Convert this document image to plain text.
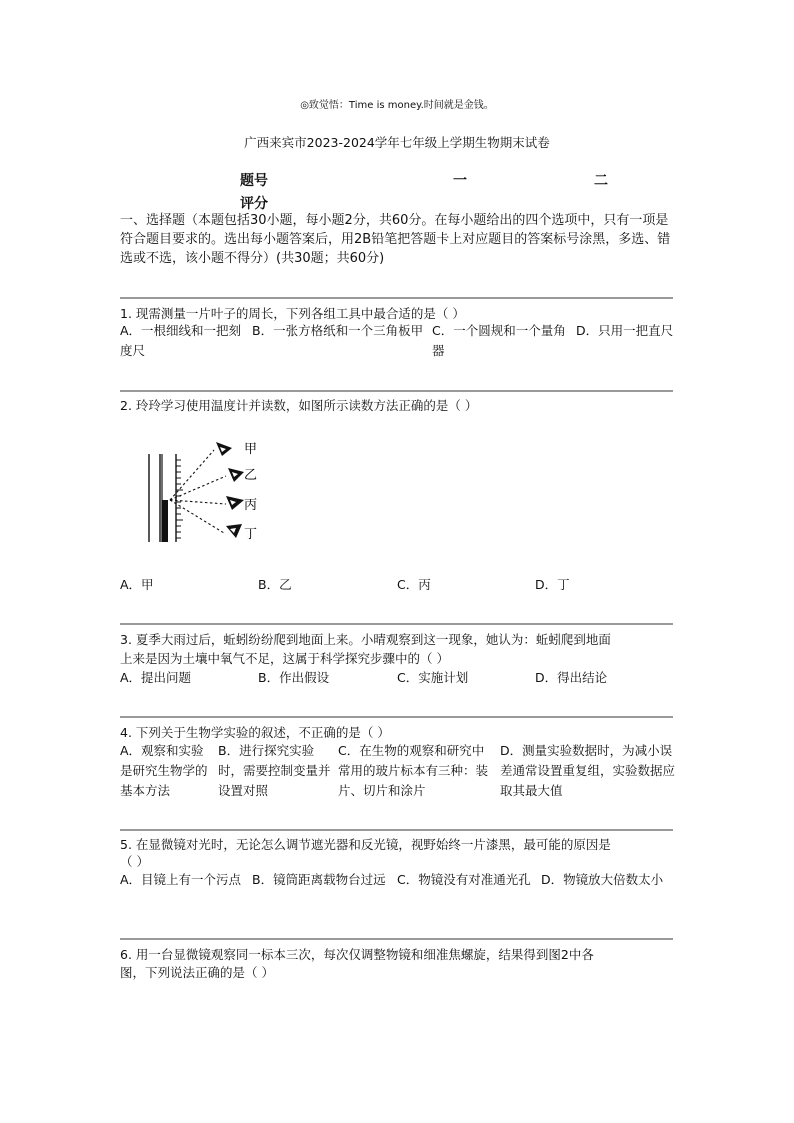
◎致觉悟：Time is money.时间就是金钱。
广西来宾市2023-2024学年七年级上学期生物期末试卷
题号	一	二
评分
一、选择题（本题包括30小题，每小题2分，共60分。在每小题给出的四个选项中，只有一项是符合题目要求的。选出每小题答案后，用2B铅笔把答题卡上对应题目的答案标号涂黑，多选、错选或不选，该小题不得分）(共30题；共60分)
1. 现需测量一片叶子的周长，下列各组工具中最合适的是（ ）
A．一根细线和一把刻度尺
B．一张方格纸和一个三角板甲 C．一个圆规和一个量角器
D．只用一把直尺
2. 玲玲学习使用温度计并读数，如图所示读数方法正确的是（ ）
甲
乙
丙
丁
A．甲	B．乙	C．丙	D．丁
3. 夏季大雨过后，蚯蚓纷纷爬到地面上来。小晴观察到这一现象，她认为：蚯蚓爬到地面
上来是因为土壤中氧气不足，这属于科学探究步骤中的（ ）
A．提出问题	B．作出假设	C．实施计划	D．得出结论
4. 下列关于生物学实验的叙述，不正确的是（ ）
A．观察和实验是研究生物学的基本方法
B．进行探究实验时，需要控制变量并设置对照
C．在生物的观察和研究中常用的玻片标本有三种：装片、切片和涂片
D．测量实验数据时，为减小误差通常设置重复组，实验数据应取其最大值
5. 在显微镜对光时，无论怎么调节遮光器和反光镜，视野始终一片漆黑，最可能的原因是
（ ）
A．目镜上有一个污点 B．镜筒距离载物台过远 C．物镜没有对准通光孔 D．物镜放大倍数太小
6. 用一台显微镜观察同一标本三次，每次仅调整物镜和细准焦螺旋，结果得到图2中各
图，下列说法正确的是（ ）
